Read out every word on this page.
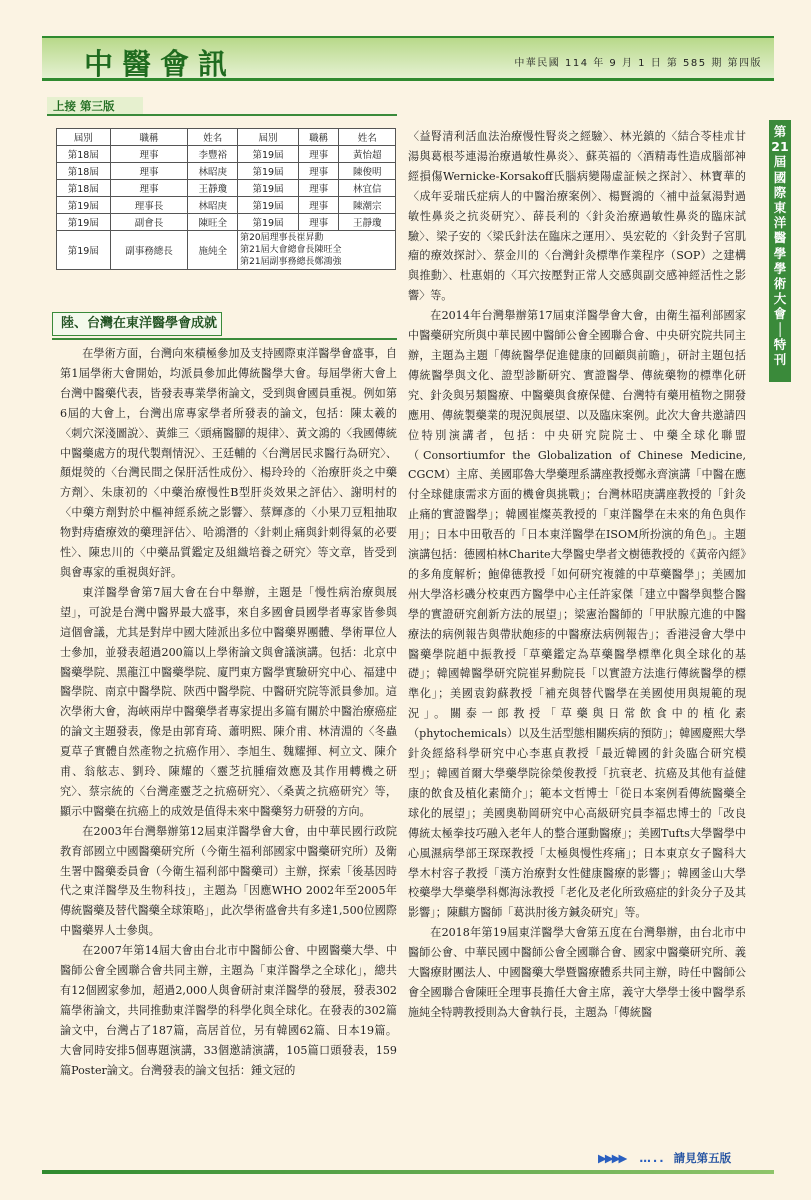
中醫會訊	中華民國 114 年 9 月 1 日 第 585 期 第四版
第
21
屆
國
際
東
洋
醫
學
學
術
大
會
│
特
刊
上接 第三版
屆別	職稱	姓名	屆別	職稱	姓名
第18屆	理事	李豐裕	第19屆	理事	黃怡超
第18屆	理事	林昭庚	第19屆	理事	陳俊明
第18屆	理事	王靜瓊	第19屆	理事	林宜信
第19屆	理事長	林昭庚	第19屆	理事	陳潮宗
第19屆	副會長	陳旺全	第19屆	理事	王靜瓊
第19屆	副事務總長	施純全	第20屆理事長崔昇勳
第21屆大會總會長陳旺全
第21屆副事務總長鄭鴻強		
陸、台灣在東洋醫學會成就

在學術方面，台灣向來積極參加及支持國際東洋醫學會盛事，自第1屆學術大會開始，均派員參加此傳統醫學大會。每屆學術大會上台灣中醫藥代表，皆發表專業學術論文，受到與會國員重視。例如第6屆的大會上，台灣出席專家學者所發表的論文，包括：陳太羲的〈刺穴深淺圖說〉、黃維三〈頭痛醫腳的規律〉、黃文鴻的〈我國傳統中醫藥處方的現代製劑情況〉、王廷輔的〈台灣居民求醫行為研究〉、顏焜熒的〈台灣民間之保肝活性成份〉、楊玲玲的〈治療肝炎之中藥方劑〉、朱康初的〈中藥治療慢性B型肝炎效果之評估〉、謝明村的〈中藥方劑對於中樞神經系統之影響〉、蔡輝彥的〈小果刀豆粗抽取物對痔瘡療效的藥理評估〉、哈鴻潛的〈針刺止痛與針刺得氣的必要性〉、陳忠川的〈中藥品質鑑定及組織培養之研究〉等文章，皆受到與會專家的重視與好評。

東洋醫學會第7屆大會在台中舉辦，主題是「慢性病治療與展望」，可說是台灣中醫界最大盛事，來自多國會員國學者專家皆參與這個會議，尤其是對岸中國大陸派出多位中醫藥界團體、學術單位人士參加，並發表超過200篇以上學術論文與會議演講。包括：北京中醫藥學院、黑龍江中醫藥學院、廈門東方醫學實驗研究中心、福建中醫學院、南京中醫學院、陝西中醫學院、中醫研究院等派員參加。這次學術大會，海峽兩岸中醫藥學者專家提出多篇有關於中醫治療癌症的論文主題發表，像是由郭育琦、蕭明熙、陳介甫、林清淵的〈冬蟲夏草子實體自然產物之抗癌作用〉、李旭生、魏耀揮、柯立文、陳介甫、翁舷志、劉玲、陳耀的〈靈芝抗腫瘤效應及其作用轉機之研究〉、蔡宗統的〈台灣產靈芝之抗癌研究〉、〈桑黃之抗癌研究〉等，顯示中醫藥在抗癌上的成效是值得未來中醫藥努力研發的方向。

在2003年台灣舉辦第12屆東洋醫學會大會，由中華民國行政院教育部國立中國醫藥研究所（今衛生福利部國家中醫藥研究所）及衛生署中醫藥委員會（今衛生福利部中醫藥司）主辦，探索「後基因時代之東洋醫學及生物科技」，主題為「因應WHO 2002年至2005年傳統醫藥及替代醫藥全球策略」，此次學術盛會共有多達1,500位國際中醫藥界人士參與。

在2007年第14屆大會由台北市中醫師公會、中國醫藥大學、中醫師公會全國聯合會共同主辦，主題為「東洋醫學之全球化」，總共有12個國家參加，超過2,000人與會研討東洋醫學的發展，發表302篇學術論文，共同推動東洋醫學的科學化與全球化。在發表的302篇論文中，台灣占了187篇，高居首位，另有韓國62篇、日本19篇。大會同時安排5個專題演講，33個邀請演講，105篇口頭發表，159篇Poster論文。台灣發表的論文包括：鍾文冠的

〈益腎清利活血法治療慢性腎炎之經驗〉、林光鎮的〈結合苓桂朮甘湯與葛根芩連湯治療過敏性鼻炎〉、蘇英福的〈酒精毒性造成腦部神經損傷Wernicke-Korsakoff氏腦病變陽虛証候之探討〉、林寶華的〈成年妥瑞氏症病人的中醫治療案例〉、楊賢鴻的〈補中益氣湯對過敏性鼻炎之抗炎研究〉、薛長利的〈針灸治療過敏性鼻炎的臨床試驗〉、梁子安的〈梁氏針法在臨床之運用〉、吳宏乾的〈針灸對子宮肌瘤的療效探討〉、蔡金川的〈台灣針灸標準作業程序（SOP）之建構與推動〉、杜惠娟的〈耳穴按壓對正常人交感與副交感神經活性之影響〉等。

在2014年台灣舉辦第17屆東洋醫學會大會，由衛生福利部國家中醫藥研究所與中華民國中醫師公會全國聯合會、中央研究院共同主辦，主題為主題「傳統醫學促進健康的回顧與前瞻」，研討主題包括傳統醫學與文化、證型診斷研究、實證醫學、傳統藥物的標準化研究、針灸與另類醫療、中醫藥與食療保健、台灣特有藥用植物之開發應用、傳統製藥業的現況與展望、以及臨床案例。此次大會共邀請四位特別演講者，包括：中央研究院院士、中藥全球化聯盟（Consortiumfor the Globalization of Chinese Medicine, CGCM）主席、美國耶魯大學藥理系講座教授鄭永齊演講「中醫在應付全球健康需求方面的機會與挑戰」；台灣林昭庚講座教授的「針灸止痛的實證醫學」；韓國崔燦英教授的「東洋醫學在未來的角色與作用」；日本中田敬吾的「日本東洋醫學在ISOM所扮演的角色」。主題演講包括：德國柏林Charite大學醫史學者文樹德教授的《黃帝內經》的多角度解析；鮑偉德教授「如何研究複雜的中草藥醫學」；美國加州大學洛杉磯分校東西方醫學中心主任許家傑「建立中醫學與整合醫學的實證研究創新方法的展望」；梁憲治醫師的「甲狀腺亢進的中醫療法的病例報告與帶狀皰疹的中醫療法病例報告」；香港浸會大學中醫藥學院趙中振教授「草藥鑑定為草藥醫學標準化與全球化的基礎」；韓國韓醫學研究院崔昇勳院長「以實證方法進行傳統醫學的標準化」；美國袁鈞蘇教授「補充與替代醫學在美國使用與規範的現況」。關泰一郎教授「草藥與日常飲食中的植化素（phytochemicals）以及生活型態相關疾病的預防」；韓國慶熙大學針灸經絡科學研究中心李惠貞教授「最近韓國的針灸臨合研究模型」；韓國首爾大學藥學院徐榮俊教授「抗衰老、抗癌及其他有益健康的飲食及植化素簡介」；範本文哲博士「從日本案例看傳統醫藥全球化的展望」；美國奧勒岡研究中心高級研究員李福忠博士的「改良傳統太極拳技巧融入老年人的整合運動醫療」；美國Tufts大學醫學中心風濕病學部王琛琛教授「太極與慢性疼痛」；日本東京女子醫科大學木村容子教授「漢方治療對女性健康醫療的影響」；韓國釜山大學校藥學大學藥學科鄭海泳教授「老化及老化所致癌症的針灸分子及其影響」；陳麒方醫師「葛洪肘後方鍼灸研究」等。

在2018年第19屆東洋醫學大會第五度在台灣舉辦，由台北市中醫師公會、中華民國中醫師公會全國聯合會、國家中醫藥研究所、義大醫療財團法人、中國醫藥大學暨醫療體系共同主辦，時任中醫師公會全國聯合會陳旺全理事長擔任大會主席，義守大學學士後中醫學系施純全特聘教授則為大會執行長，主題為「傳統醫

▶▶▶▶ ….. 請見第五版
